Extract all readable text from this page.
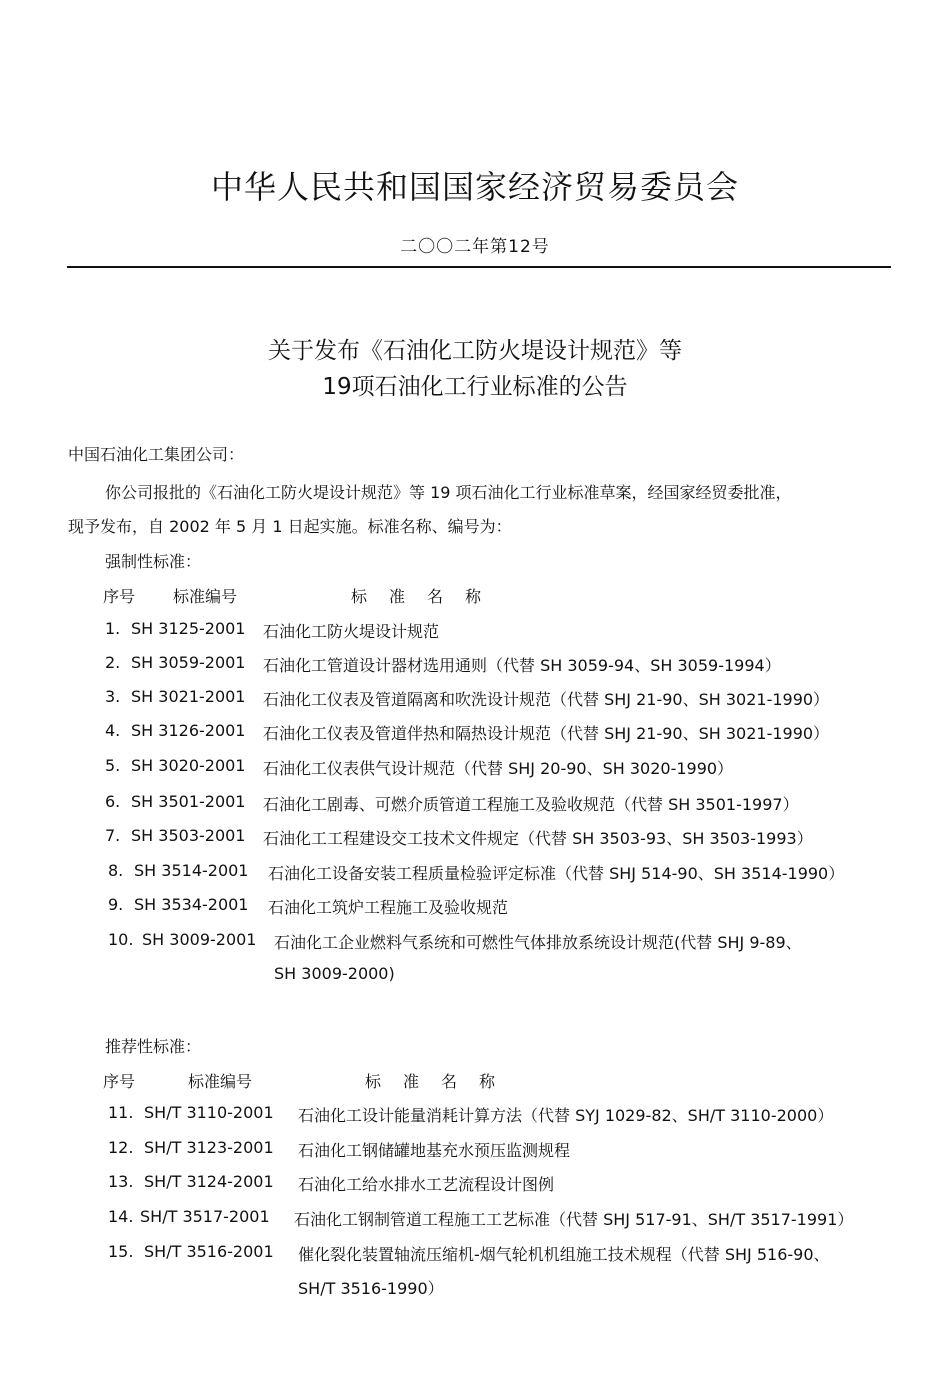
中华人民共和国国家经济贸易委员会
二〇〇二年第12号
关于发布《石油化工防火堤设计规范》等
19项石油化工行业标准的公告
中国石油化工集团公司：
你公司报批的《石油化工防火堤设计规范》等 19 项石油化工行业标准草案，经国家经贸委批准，
现予发布，自 2002 年 5 月 1 日起实施。标准名称、编号为：
强制性标准：
序号 标准编号	标准名称
1. SH 3125-2001 石油化工防火堤设计规范
2. SH 3059-2001 石油化工管道设计器材选用通则（代替 SH 3059-94、SH 3059-1994）
3. SH 3021-2001 石油化工仪表及管道隔离和吹洗设计规范（代替 SHJ 21-90、SH 3021-1990）
4. SH 3126-2001 石油化工仪表及管道伴热和隔热设计规范（代替 SHJ 21-90、SH 3021-1990）
5. SH 3020-2001 石油化工仪表供气设计规范（代替 SHJ 20-90、SH 3020-1990）
6. SH 3501-2001 石油化工剧毒、可燃介质管道工程施工及验收规范（代替 SH 3501-1997）
7. SH 3503-2001 石油化工工程建设交工技术文件规定（代替 SH 3503-93、SH 3503-1993）
8. SH 3514-2001 石油化工设备安装工程质量检验评定标准（代替 SHJ 514-90、SH 3514-1990）
9. SH 3534-2001 石油化工筑炉工程施工及验收规范
10. SH 3009-2001 石油化工企业燃料气系统和可燃性气体排放系统设计规范(代替 SHJ 9-89、
SH 3009-2000)
推荐性标准：
序号	标准编号	标准名称
11. SH/T 3110-2001 石油化工设计能量消耗计算方法（代替 SYJ 1029-82、SH/T 3110-2000）
12. SH/T 3123-2001 石油化工钢储罐地基充水预压监测规程
13. SH/T 3124-2001 石油化工给水排水工艺流程设计图例
14. SH/T 3517-2001 石油化工钢制管道工程施工工艺标准（代替 SHJ 517-91、SH/T 3517-1991）
15. SH/T 3516-2001 催化裂化装置轴流压缩机-烟气轮机机组施工技术规程（代替 SHJ 516-90、
SH/T 3516-1990）
